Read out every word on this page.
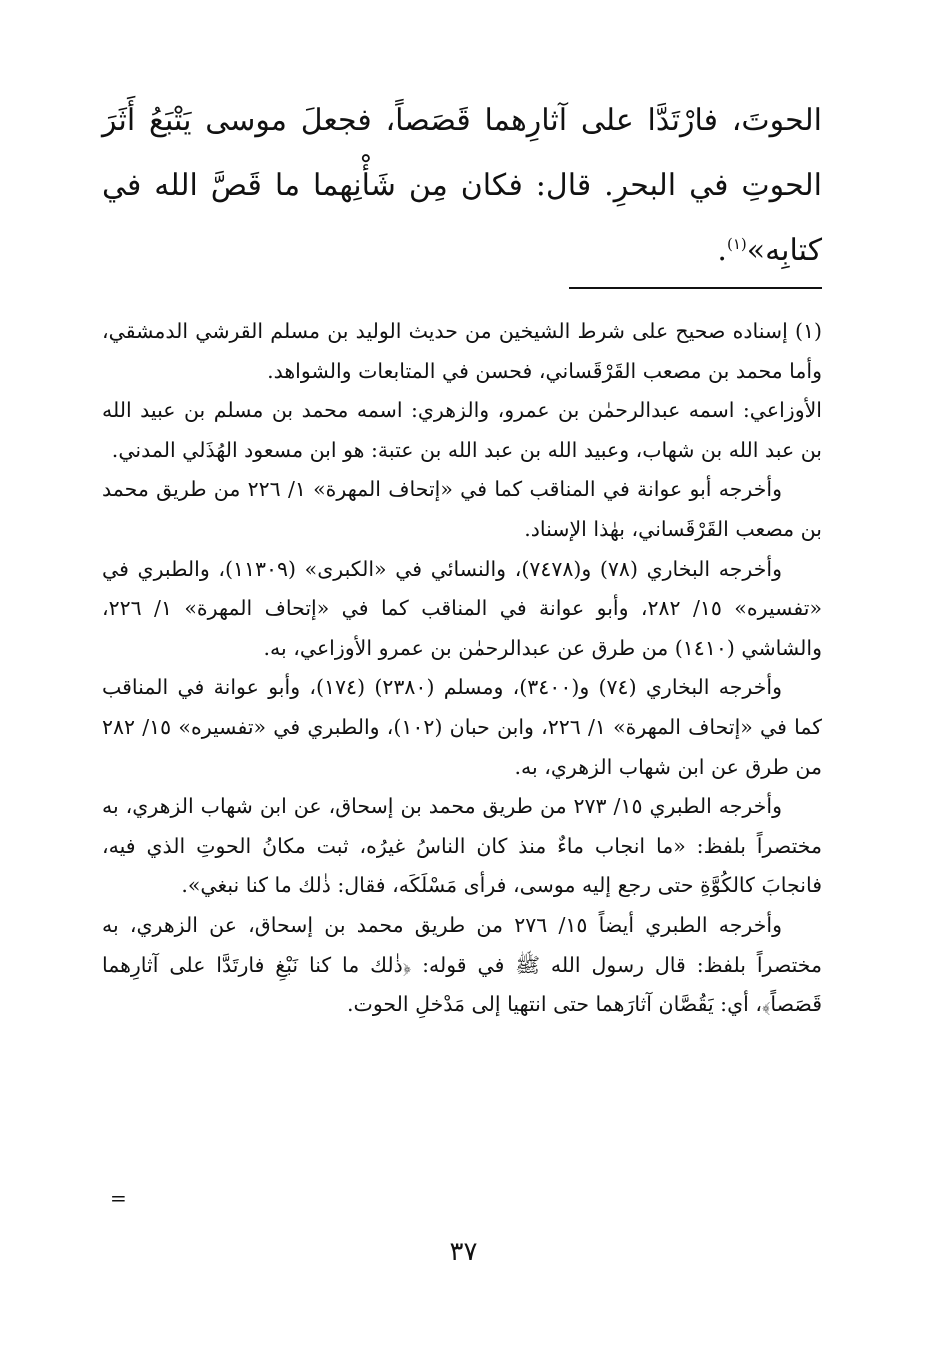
الحوتَ، فارْتَدَّا على آثارِهما قَصَصاً، فجعلَ موسى يَتْبَعُ أَثَرَ الحوتِ في البحرِ. قال: فكان مِن شَأْنِهما ما قَصَّ الله في كتابِه»$^{(١)}$.

(١) إسناده صحيح على شرط الشيخين من حديث الوليد بن مسلم القرشي الدمشقي، وأما محمد بن مصعب القَرْقَساني، فحسن في المتابعات والشواهد.

الأوزاعي: اسمه عبدالرحمٰن بن عمرو، والزهري: اسمه محمد بن مسلم بن عبيد الله بن عبد الله بن شهاب، وعبيد الله بن عبد الله بن عتبة: هو ابن مسعود الهُذَلي المدني.

وأخرجه أبو عوانة في المناقب كما في «إتحاف المهرة» ١/ ٢٢٦ من طريق محمد بن مصعب القَرْقَساني، بهٰذا الإسناد.

وأخرجه البخاري (٧٨) و(٧٤٧٨)، والنسائي في «الكبرى» (١١٣٠٩)، والطبري في «تفسيره» ١٥/ ٢٨٢، وأبو عوانة في المناقب كما في «إتحاف المهرة» ١/ ٢٢٦، والشاشي (١٤١٠) من طرق عن عبدالرحمٰن بن عمرو الأوزاعي، به.

وأخرجه البخاري (٧٤) و(٣٤٠٠)، ومسلم (٢٣٨٠) (١٧٤)، وأبو عوانة في المناقب كما في «إتحاف المهرة» ١/ ٢٢٦، وابن حبان (١٠٢)، والطبري في «تفسيره» ١٥/ ٢٨٢ من طرق عن ابن شهاب الزهري، به.

وأخرجه الطبري ١٥/ ٢٧٣ من طريق محمد بن إسحاق، عن ابن شهاب الزهري، به مختصراً بلفظ: «ما انجاب ماءٌ منذ كان الناسُ غيرُه، ثبت مكانُ الحوتِ الذي فيه، فانجابَ كالكُوَّةِ حتى رجع إليه موسى، فرأى مَسْلَكَه، فقال: ذٰلك ما كنا نبغي».

وأخرجه الطبري أيضاً ١٥/ ٢٧٦ من طريق محمد بن إسحاق، عن الزهري، به مختصراً بلفظ: قال رسول الله ﷺ في قوله: ﴿ذٰلك ما كنا نَبْغِ فارتَدَّا على آثارِهما قَصَصاً﴾، أي: يَقُصَّان آثارَهما حتى انتهيا إلى مَدْخلِ الحوت.

=
٣٧
